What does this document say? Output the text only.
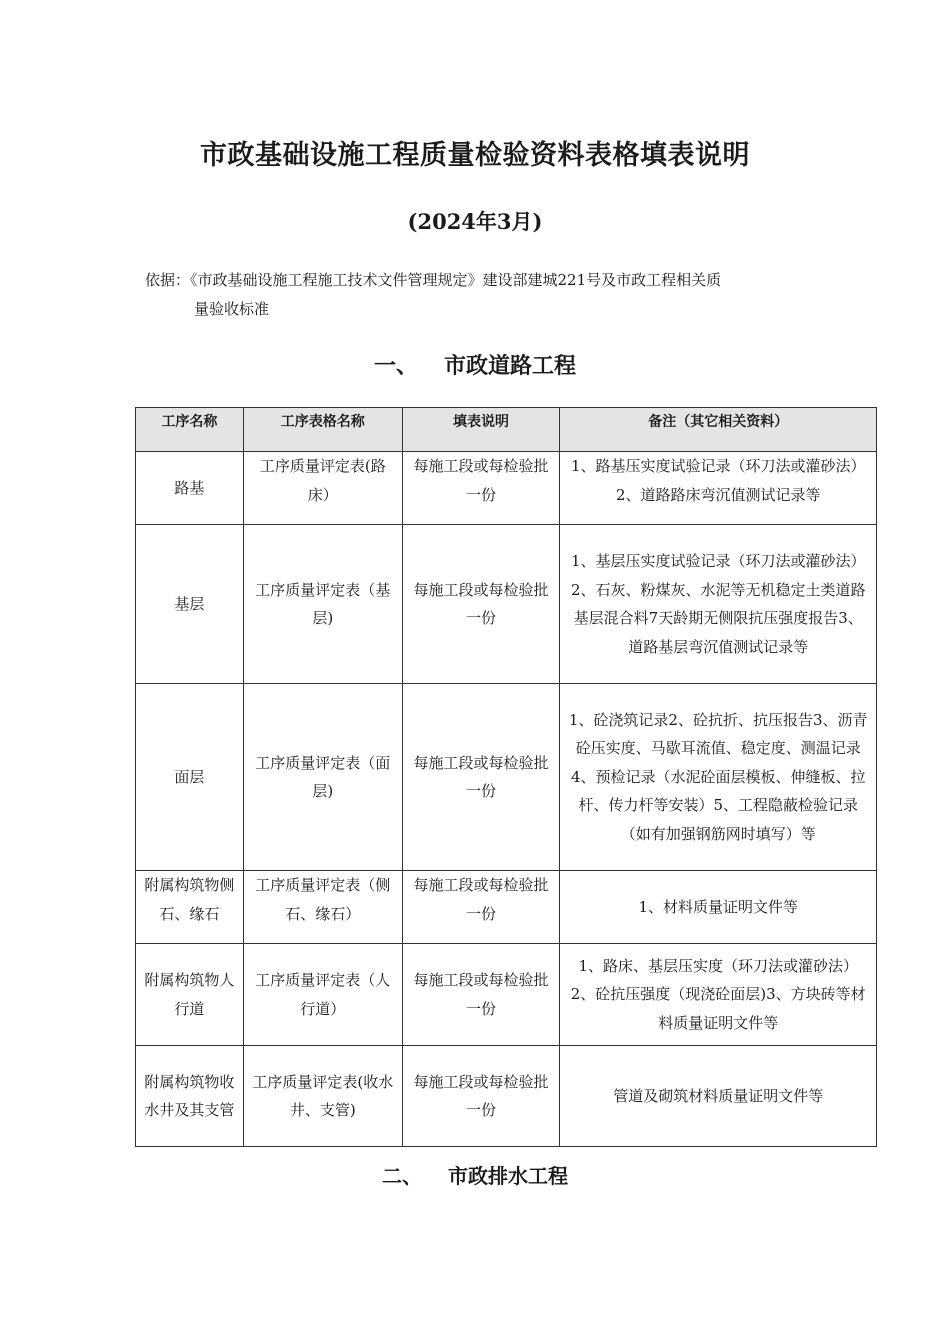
市政基础设施工程质量检验资料表格填表说明
(2024年3月)
依据：《市政基础设施工程施工技术文件管理规定》建设部建城221号及市政工程相关质
量验收标准
一、 市政道路工程
工序名称	工序表格名称	填表说明	备注（其它相关资料）
路基	工序质量评定表(路床）	每施工段或每检验批一份	1、路基压实度试验记录（环刀法或灌砂法）2、道路路床弯沉值测试记录等
基层	工序质量评定表（基层)	每施工段或每检验批一份	1、基层压实度试验记录（环刀法或灌砂法）2、石灰、粉煤灰、水泥等无机稳定土类道路基层混合料7天龄期无侧限抗压强度报告3、道路基层弯沉值测试记录等
面层	工序质量评定表（面层)	每施工段或每检验批一份	1、砼浇筑记录2、砼抗折、抗压报告3、沥青砼压实度、马歇耳流值、稳定度、测温记录4、预检记录（水泥砼面层模板、伸缝板、拉杆、传力杆等安装）5、工程隐蔽检验记录（如有加强钢筋网时填写）等
附属构筑物侧石、缘石	工序质量评定表（侧石、缘石）	每施工段或每检验批一份	1、材料质量证明文件等
附属构筑物人行道	工序质量评定表（人行道）	每施工段或每检验批一份	1、路床、基层压实度（环刀法或灌砂法）2、砼抗压强度（现浇砼面层)3、方块砖等材料质量证明文件等
附属构筑物收水井及其支管	工序质量评定表(收水井、支管)	每施工段或每检验批一份	管道及砌筑材料质量证明文件等
二、 市政排水工程
